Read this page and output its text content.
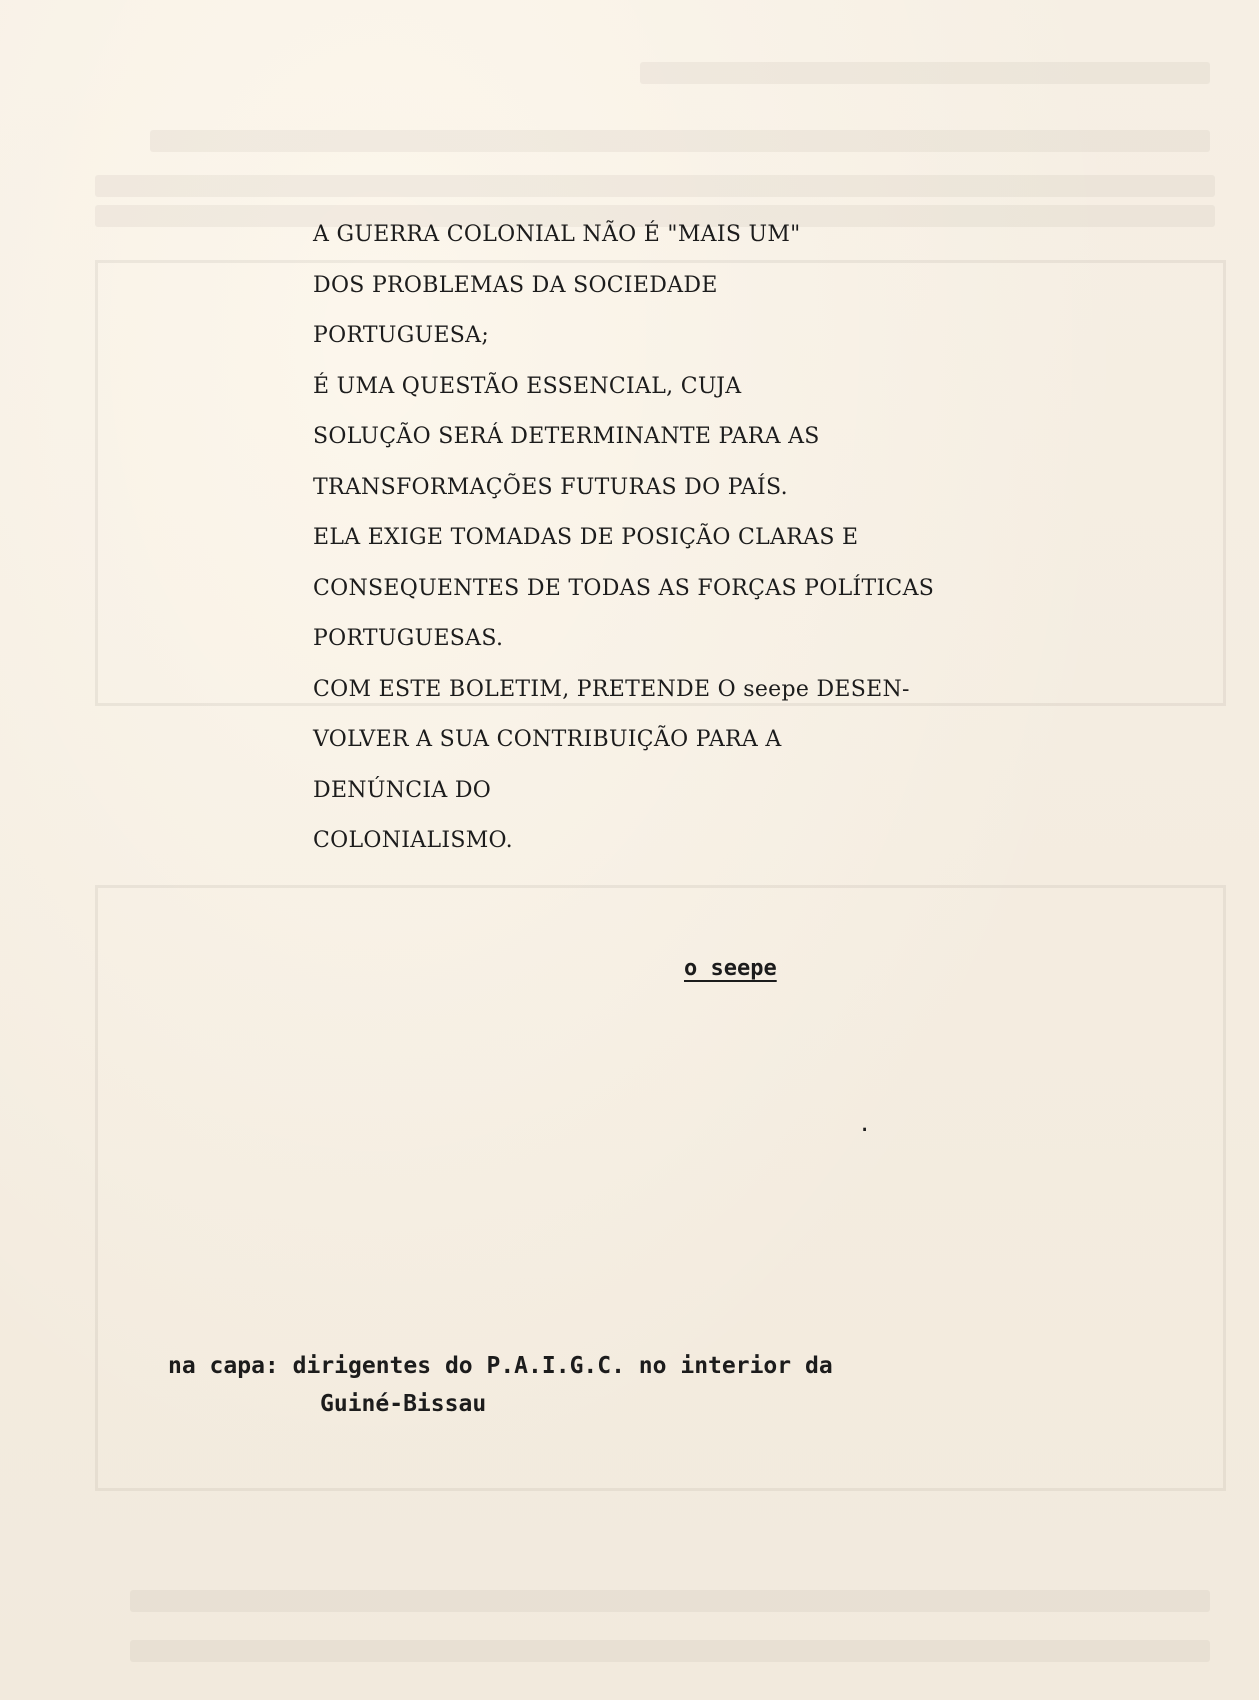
A GUERRA COLONIAL NÃO É "MAIS UM"
DOS PROBLEMAS DA SOCIEDADE
PORTUGUESA;
É UMA QUESTÃO ESSENCIAL, CUJA
SOLUÇÃO SERÁ DETERMINANTE PARA AS
TRANSFORMAÇÕES FUTURAS DO PAÍS.
ELA EXIGE TOMADAS DE POSIÇÃO CLARAS E
CONSEQUENTES DE TODAS AS FORÇAS POLÍTICAS
PORTUGUESAS.
COM ESTE BOLETIM, PRETENDE O seepe DESEN-
VOLVER A SUA CONTRIBUIÇÃO PARA A
DENÚNCIA DO
COLONIALISMO.
o seepe
.
na capa: dirigentes do P.A.I.G.C. no interior da
Guiné-Bissau
